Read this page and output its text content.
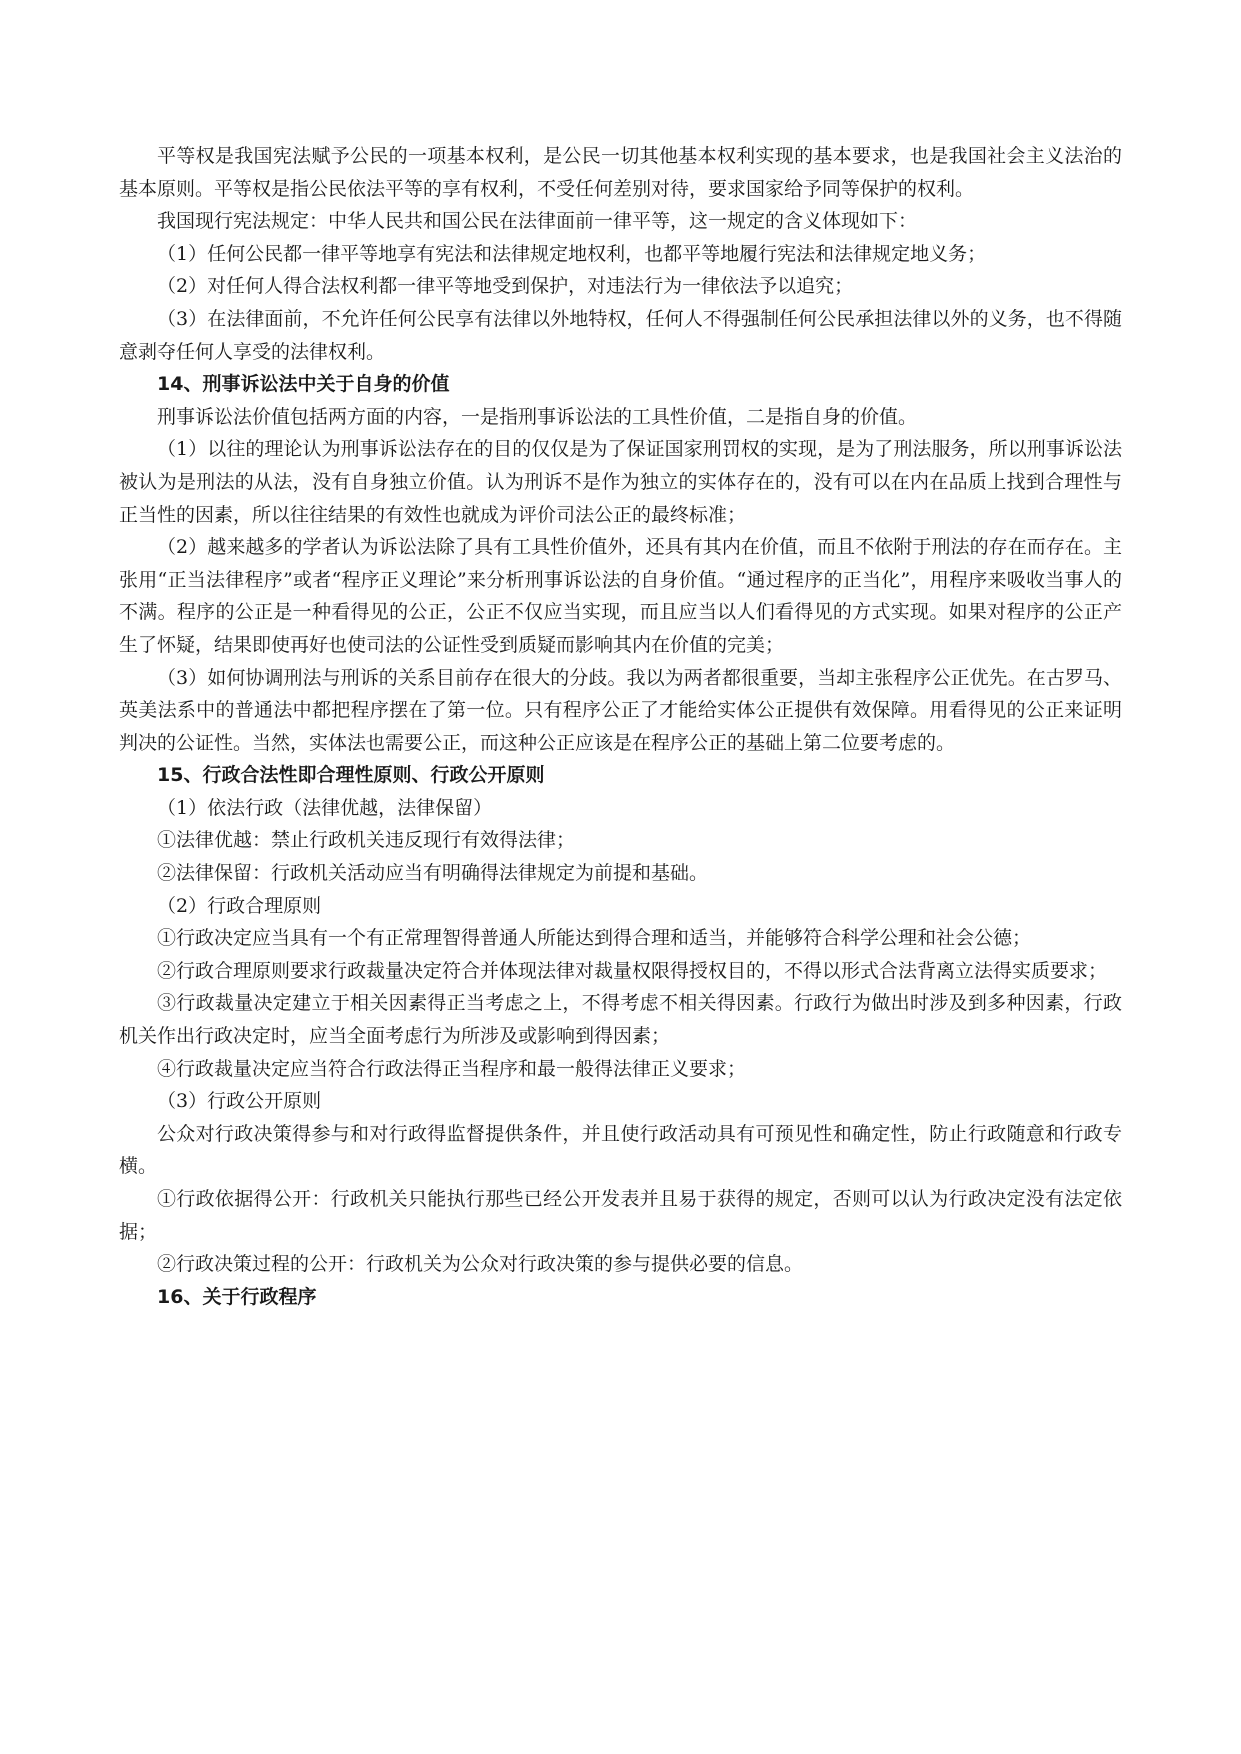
平等权是我国宪法赋予公民的一项基本权利，是公民一切其他基本权利实现的基本要求，也是我国社会主义法治的基本原则。平等权是指公民依法平等的享有权利，不受任何差别对待，要求国家给予同等保护的权利。

我国现行宪法规定：中华人民共和国公民在法律面前一律平等，这一规定的含义体现如下：

（1）任何公民都一律平等地享有宪法和法律规定地权利，也都平等地履行宪法和法律规定地义务；

（2）对任何人得合法权利都一律平等地受到保护，对违法行为一律依法予以追究；

（3）在法律面前，不允许任何公民享有法律以外地特权，任何人不得强制任何公民承担法律以外的义务，也不得随意剥夺任何人享受的法律权利。

14、刑事诉讼法中关于自身的价值

刑事诉讼法价值包括两方面的内容，一是指刑事诉讼法的工具性价值，二是指自身的价值。

（1）以往的理论认为刑事诉讼法存在的目的仅仅是为了保证国家刑罚权的实现，是为了刑法服务，所以刑事诉讼法被认为是刑法的从法，没有自身独立价值。认为刑诉不是作为独立的实体存在的，没有可以在内在品质上找到合理性与正当性的因素，所以往往结果的有效性也就成为评价司法公正的最终标准；

（2）越来越多的学者认为诉讼法除了具有工具性价值外，还具有其内在价值，而且不依附于刑法的存在而存在。主张用“正当法律程序”或者“程序正义理论”来分析刑事诉讼法的自身价值。“通过程序的正当化”，用程序来吸收当事人的不满。程序的公正是一种看得见的公正，公正不仅应当实现，而且应当以人们看得见的方式实现。如果对程序的公正产生了怀疑，结果即使再好也使司法的公证性受到质疑而影响其内在价值的完美；

（3）如何协调刑法与刑诉的关系目前存在很大的分歧。我以为两者都很重要，当却主张程序公正优先。在古罗马、英美法系中的普通法中都把程序摆在了第一位。只有程序公正了才能给实体公正提供有效保障。用看得见的公正来证明判决的公证性。当然，实体法也需要公正，而这种公正应该是在程序公正的基础上第二位要考虑的。

15、行政合法性即合理性原则、行政公开原则

（1）依法行政（法律优越，法律保留）

①法律优越：禁止行政机关违反现行有效得法律；

②法律保留：行政机关活动应当有明确得法律规定为前提和基础。

（2）行政合理原则

①行政决定应当具有一个有正常理智得普通人所能达到得合理和适当，并能够符合科学公理和社会公德；

②行政合理原则要求行政裁量决定符合并体现法律对裁量权限得授权目的，不得以形式合法背离立法得实质要求；

③行政裁量决定建立于相关因素得正当考虑之上，不得考虑不相关得因素。行政行为做出时涉及到多种因素，行政机关作出行政决定时，应当全面考虑行为所涉及或影响到得因素；

④行政裁量决定应当符合行政法得正当程序和最一般得法律正义要求；

（3）行政公开原则

公众对行政决策得参与和对行政得监督提供条件，并且使行政活动具有可预见性和确定性，防止行政随意和行政专横。

①行政依据得公开：行政机关只能执行那些已经公开发表并且易于获得的规定，否则可以认为行政决定没有法定依据；

②行政决策过程的公开：行政机关为公众对行政决策的参与提供必要的信息。

16、关于行政程序
